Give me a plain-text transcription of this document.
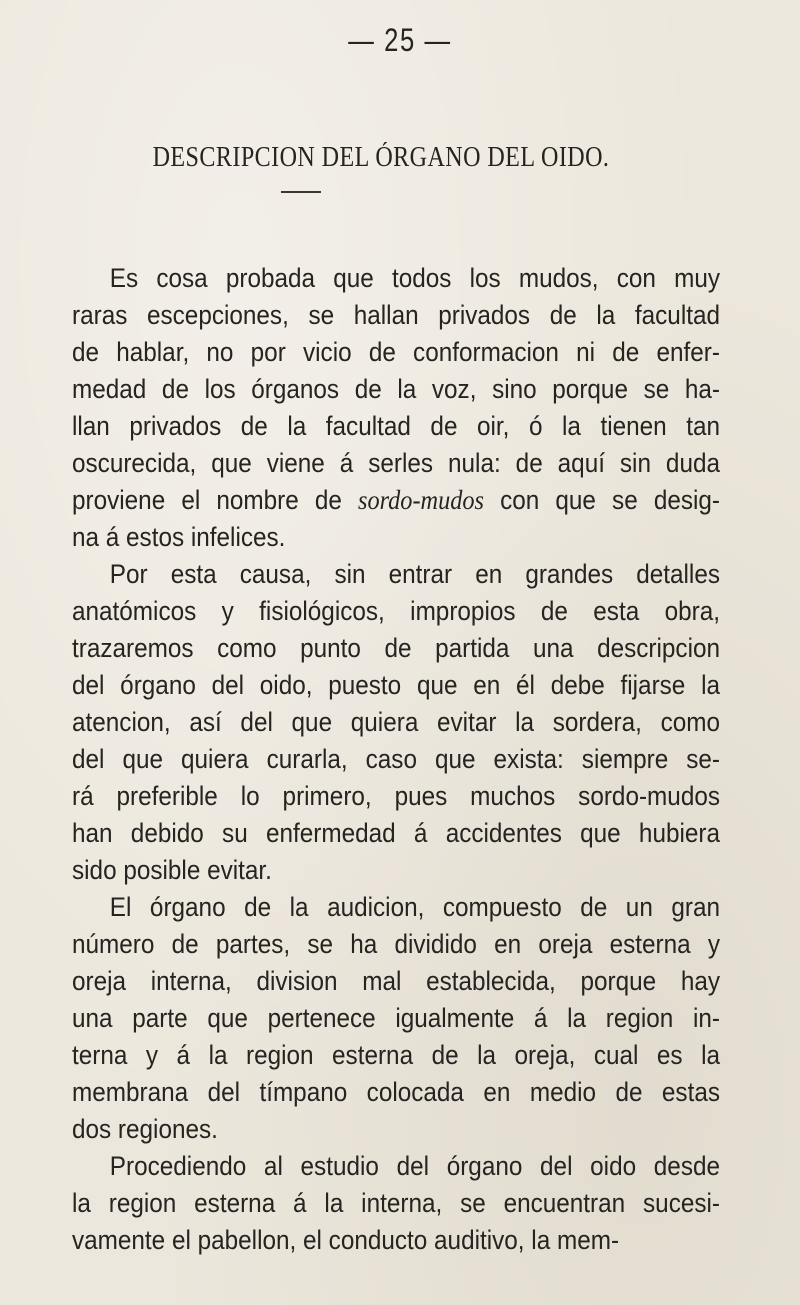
— 25 —
DESCRIPCION DEL ÓRGANO DEL OIDO.
Es cosa probada que todos los mudos, con muy
raras escepciones, se hallan privados de la facultad
de hablar, no por vicio de conformacion ni de enfer-
medad de los órganos de la voz, sino porque se ha-
llan privados de la facultad de oir, ó la tienen tan
oscurecida, que viene á serles nula: de aquí sin duda
proviene el nombre de sordo-mudos con que se desig-
na á estos infelices.
Por esta causa, sin entrar en grandes detalles
anatómicos y fisiológicos, impropios de esta obra,
trazaremos como punto de partida una descripcion
del órgano del oido, puesto que en él debe fijarse la
atencion, así del que quiera evitar la sordera, como
del que quiera curarla, caso que exista: siempre se-
rá preferible lo primero, pues muchos sordo-mudos
han debido su enfermedad á accidentes que hubiera
sido posible evitar.
El órgano de la audicion, compuesto de un gran
número de partes, se ha dividido en oreja esterna y
oreja interna, division mal establecida, porque hay
una parte que pertenece igualmente á la region in-
terna y á la region esterna de la oreja, cual es la
membrana del tímpano colocada en medio de estas
dos regiones.
Procediendo al estudio del órgano del oido desde
la region esterna á la interna, se encuentran sucesi-
vamente el pabellon, el conducto auditivo, la mem-
